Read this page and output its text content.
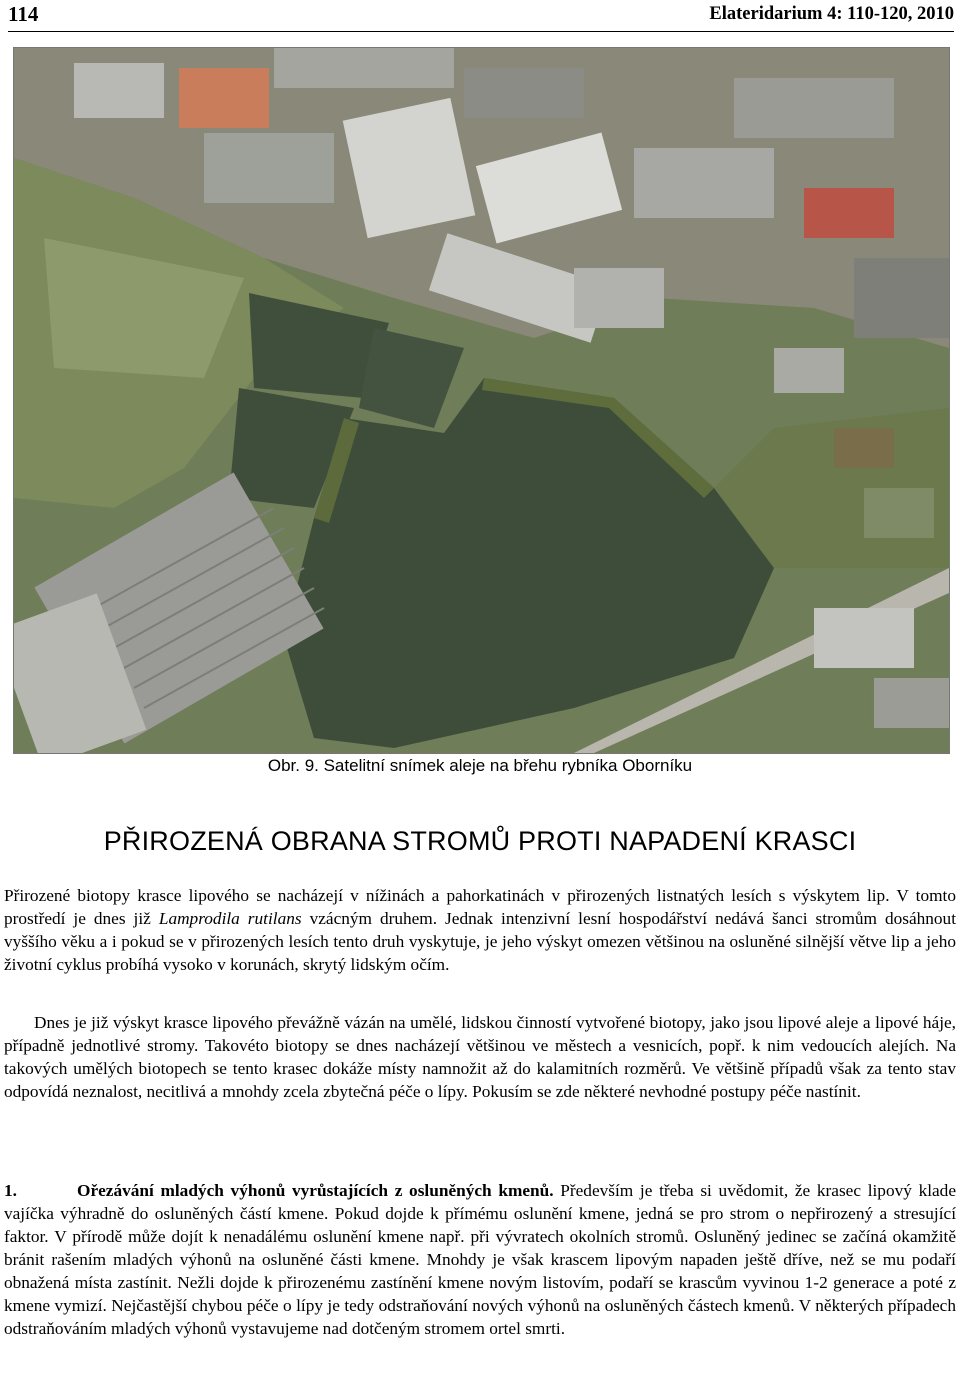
114	Elateridarium 4: 110-120, 2010
Obr. 9. Satelitní snímek aleje na břehu rybníka Oborníku
PŘIROZENÁ OBRANA STROMŮ PROTI NAPADENÍ KRASCI

Přirozené biotopy krasce lipového se nacházejí v nížinách a pahorkatinách v přirozených listnatých lesích s výskytem lip. V tomto prostředí je dnes již Lamprodila rutilans vzácným druhem. Jednak intenzivní lesní hospodářství nedává šanci stromům dosáhnout vyššího věku a i pokud se v přirozených lesích tento druh vyskytuje, je jeho výskyt omezen většinou na osluněné silnější větve lip a jeho životní cyklus probíhá vysoko v korunách, skrytý lidským očím.

Dnes je již výskyt krasce lipového převážně vázán na umělé, lidskou činností vytvořené biotopy, jako jsou lipové aleje a lipové háje, případně jednotlivé stromy. Takovéto biotopy se dnes nacházejí většinou ve městech a vesnicích, popř. k nim vedoucích alejích. Na takových umělých biotopech se tento krasec dokáže místy namnožit až do kalamitních rozměrů. Ve většině případů však za tento stav odpovídá neznalost, necitlivá a mnohdy zcela zbytečná péče o lípy. Pokusím se zde některé nevhodné postupy péče nastínit.

1.	Ořezávání mladých výhonů vyrůstajících z osluněných kmenů. Především je třeba si uvědomit, že krasec lipový klade vajíčka výhradně do osluněných částí kmene. Pokud dojde k přímému oslunění kmene, jedná se pro strom o nepřirozený a stresující faktor. V přírodě může dojít k nenadálému oslunění kmene např. při vývratech okolních stromů. Osluněný jedinec se začíná okamžitě bránit rašením mladých výhonů na osluněné části kmene. Mnohdy je však krascem lipovým napaden ještě dříve, než se mu podaří obnažená místa zastínit. Nežli dojde k přirozenému zastínění kmene novým listovím, podaří se krascům vyvinou 1-2 generace a poté z kmene vymizí. Nejčastější chybou péče o lípy je tedy odstraňování nových výhonů na osluněných částech kmenů. V některých případech odstraňováním mladých výhonů vystavujeme nad dotčeným stromem ortel smrti.
